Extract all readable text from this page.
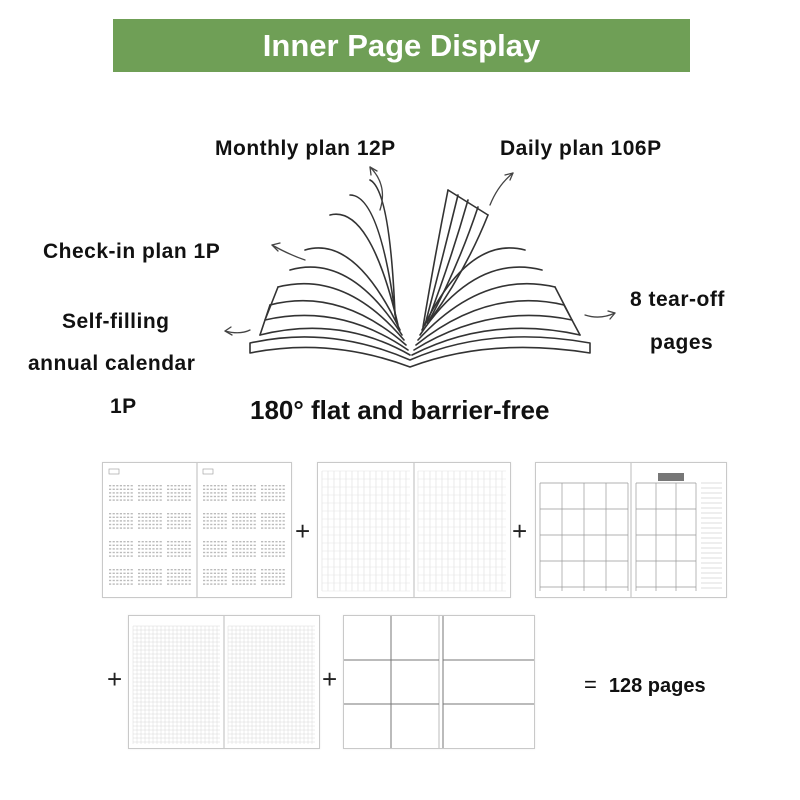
Inner Page Display
Monthly plan 12P	Daily plan 106P
Check-in plan 1P
Self-filling
annual calendar
1P
8 tear-off
pages
180° flat and barrier-free
+	+
+	+	= 128 pages
